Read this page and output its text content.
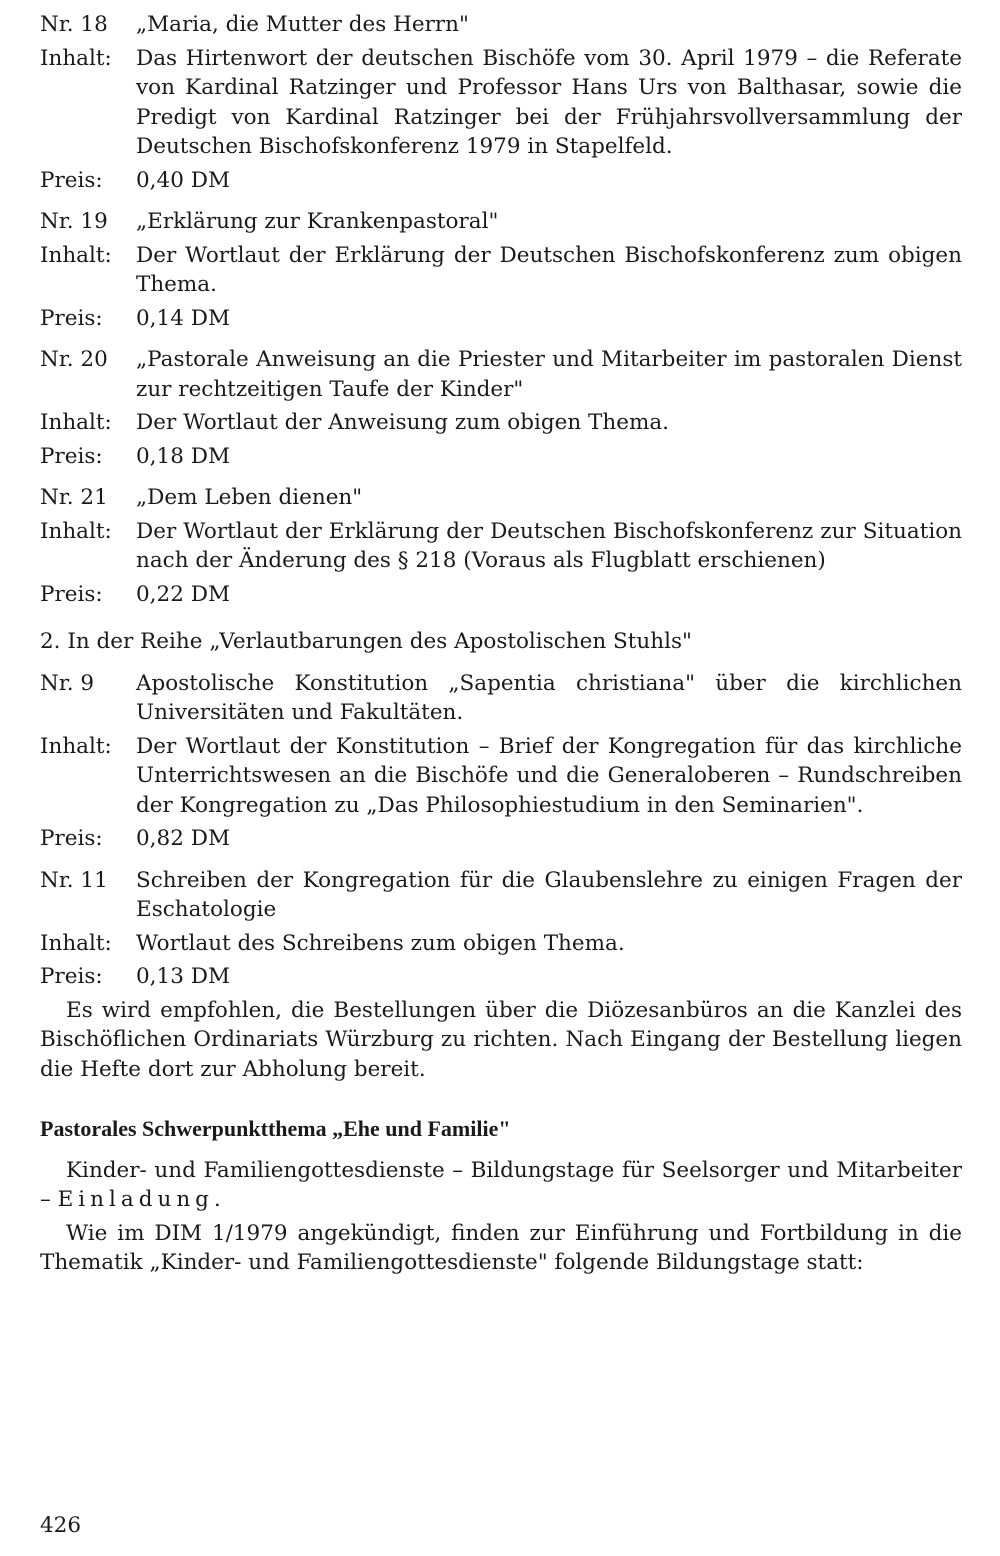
Nr. 18	„Maria, die Mutter des Herrn"
Inhalt:	Das Hirtenwort der deutschen Bischöfe vom 30. April 1979 – die Referate von Kardinal Ratzinger und Professor Hans Urs von Balthasar, sowie die Predigt von Kardinal Ratzinger bei der Frühjahrsvollversammlung der Deutschen Bischofskonferenz 1979 in Stapelfeld.
Preis:	0,40 DM
Nr. 19	„Erklärung zur Krankenpastoral"
Inhalt:	Der Wortlaut der Erklärung der Deutschen Bischofskonferenz zum obigen Thema.
Preis:	0,14 DM
Nr. 20	„Pastorale Anweisung an die Priester und Mitarbeiter im pastoralen Dienst zur rechtzeitigen Taufe der Kinder"
Inhalt:	Der Wortlaut der Anweisung zum obigen Thema.
Preis:	0,18 DM
Nr. 21	„Dem Leben dienen"
Inhalt:	Der Wortlaut der Erklärung der Deutschen Bischofskonferenz zur Situation nach der Änderung des § 218 (Voraus als Flugblatt erschienen)
Preis:	0,22 DM
2. In der Reihe „Verlautbarungen des Apostolischen Stuhls"
Nr. 9	Apostolische Konstitution „Sapentia christiana" über die kirchlichen Universitäten und Fakultäten.
Inhalt:	Der Wortlaut der Konstitution – Brief der Kongregation für das kirchliche Unterrichtswesen an die Bischöfe und die Generaloberen – Rundschreiben der Kongregation zu „Das Philosophiestudium in den Seminarien".
Preis:	0,82 DM
Nr. 11	Schreiben der Kongregation für die Glaubenslehre zu einigen Fragen der Eschatologie
Inhalt:	Wortlaut des Schreibens zum obigen Thema.
Preis:	0,13 DM

Es wird empfohlen, die Bestellungen über die Diözesanbüros an die Kanzlei des Bischöflichen Ordinariats Würzburg zu richten. Nach Eingang der Bestellung liegen die Hefte dort zur Abholung bereit.

Pastorales Schwerpunktthema „Ehe und Familie"

Kinder- und Familiengottesdienste – Bildungstage für Seelsorger und Mitarbeiter – Einladung.

Wie im DIM 1/1979 angekündigt, finden zur Einführung und Fortbildung in die Thematik „Kinder- und Familiengottesdienste" folgende Bildungstage statt:

426
